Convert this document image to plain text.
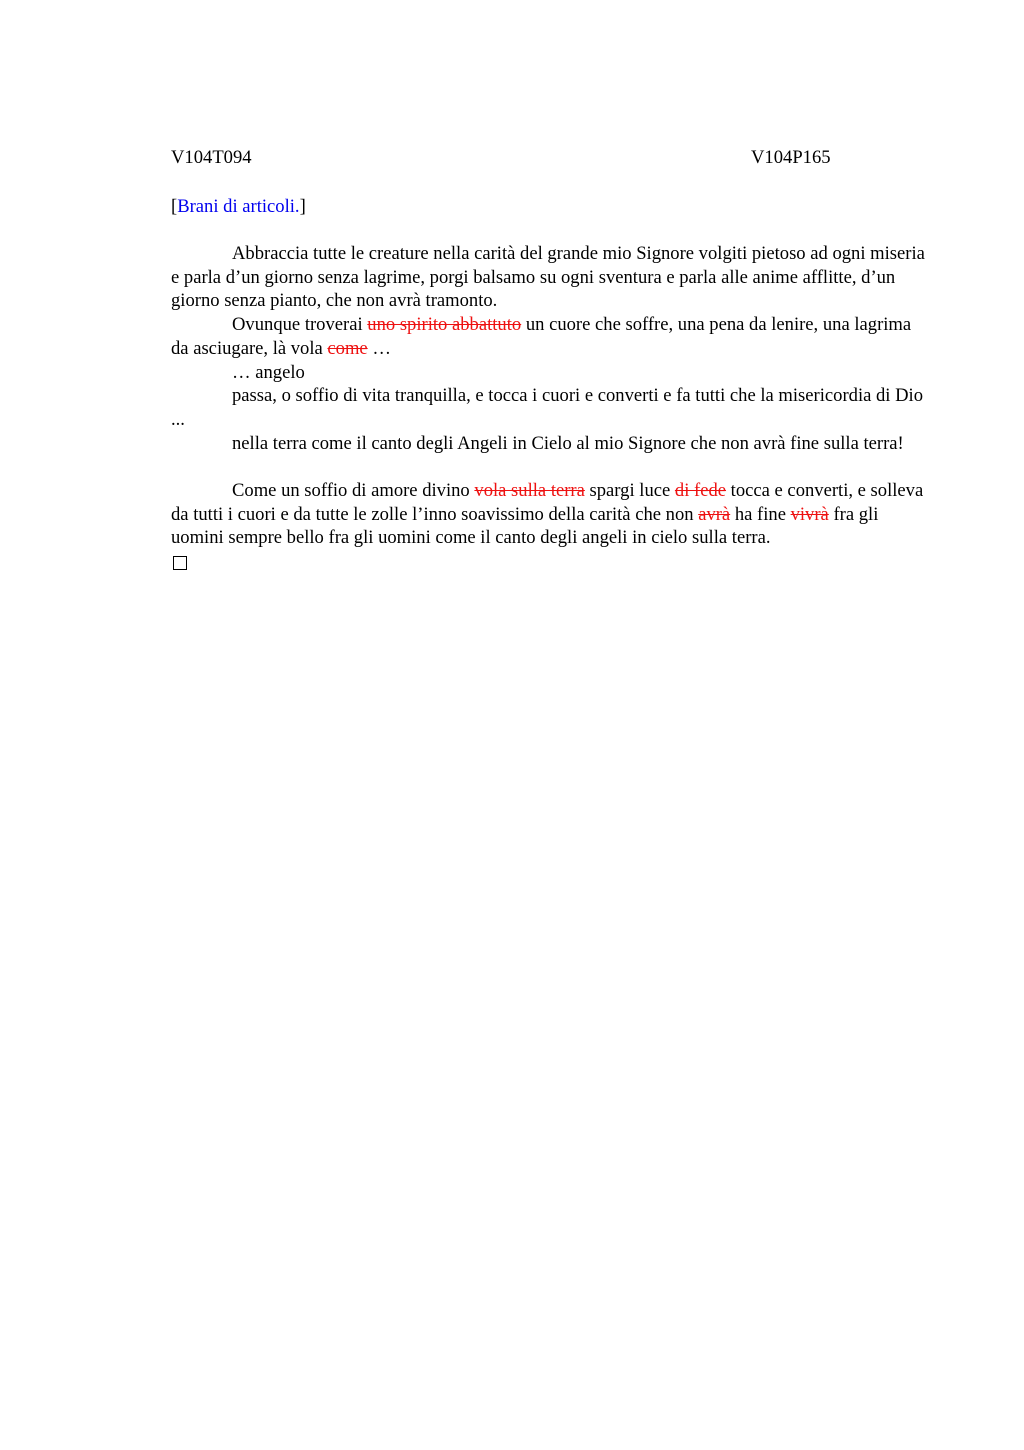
V104T094	V104P165
[Brani di articoli.]

Abbraccia tutte le creature nella carità del grande mio Signore volgiti pietoso ad ogni miseria e parla d’un giorno senza lagrime, porgi balsamo su ogni sventura e parla alle anime afflitte, d’un giorno senza pianto, che non avrà tramonto.

Ovunque troverai uno spirito abbattuto un cuore che soffre, una pena da lenire, una lagrima da asciugare, là vola come …

… angelo

passa, o soffio di vita tranquilla, e tocca i cuori e converti e fa tutti che la misericordia di Dio ...

nella terra come il canto degli Angeli in Cielo al mio Signore che non avrà fine sulla terra!

Come un soffio di amore divino vola sulla terra spargi luce di fede tocca e converti, e solleva da tutti i cuori e da tutte le zolle l’inno soavissimo della carità che non avrà ha fine vivrà fra gli uomini sempre bello fra gli uomini come il canto degli angeli in cielo sulla terra.
